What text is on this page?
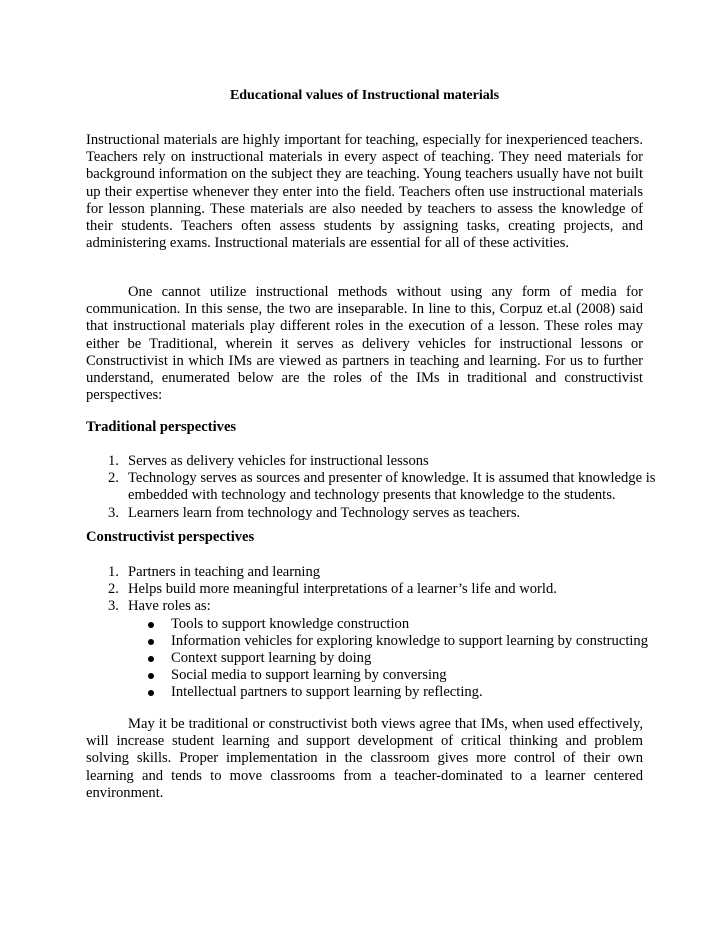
Educational values of Instructional materials

Instructional materials are highly important for teaching, especially for inexperienced teachers. Teachers rely on instructional materials in every aspect of teaching. They need materials for background information on the subject they are teaching. Young teachers usually have not built up their expertise whenever they enter into the field. Teachers often use instructional materials for lesson planning. These materials are also needed by teachers to assess the knowledge of their students. Teachers often assess students by assigning tasks, creating projects, and administering exams. Instructional materials are essential for all of these activities.

One cannot utilize instructional methods without using any form of media for communication. In this sense, the two are inseparable. In line to this, Corpuz et.al (2008) said that instructional materials play different roles in the execution of a lesson. These roles may either be Traditional, wherein it serves as delivery vehicles for instructional lessons or Constructivist in which IMs are viewed as partners in teaching and learning. For us to further understand, enumerated below are the roles of the IMs in traditional and constructivist perspectives:

Traditional perspectives

1. Serves as delivery vehicles for instructional lessons
2. Technology serves as sources and presenter of knowledge. It is assumed that knowledge is embedded with technology and technology presents that knowledge to the students.
3. Learners learn from technology and Technology serves as teachers.

Constructivist perspectives

1. Partners in teaching and learning
2. Helps build more meaningful interpretations of a learner’s life and world.
3. Have roles as:
Tools to support knowledge construction
Information vehicles for exploring knowledge to support learning by constructing
Context support learning by doing
Social media to support learning by conversing
Intellectual partners to support learning by reflecting.

May it be traditional or constructivist both views agree that IMs, when used effectively, will increase student learning and support development of critical thinking and problem solving skills. Proper implementation in the classroom gives more control of their own learning and tends to move classrooms from a teacher-dominated to a learner centered environment.
